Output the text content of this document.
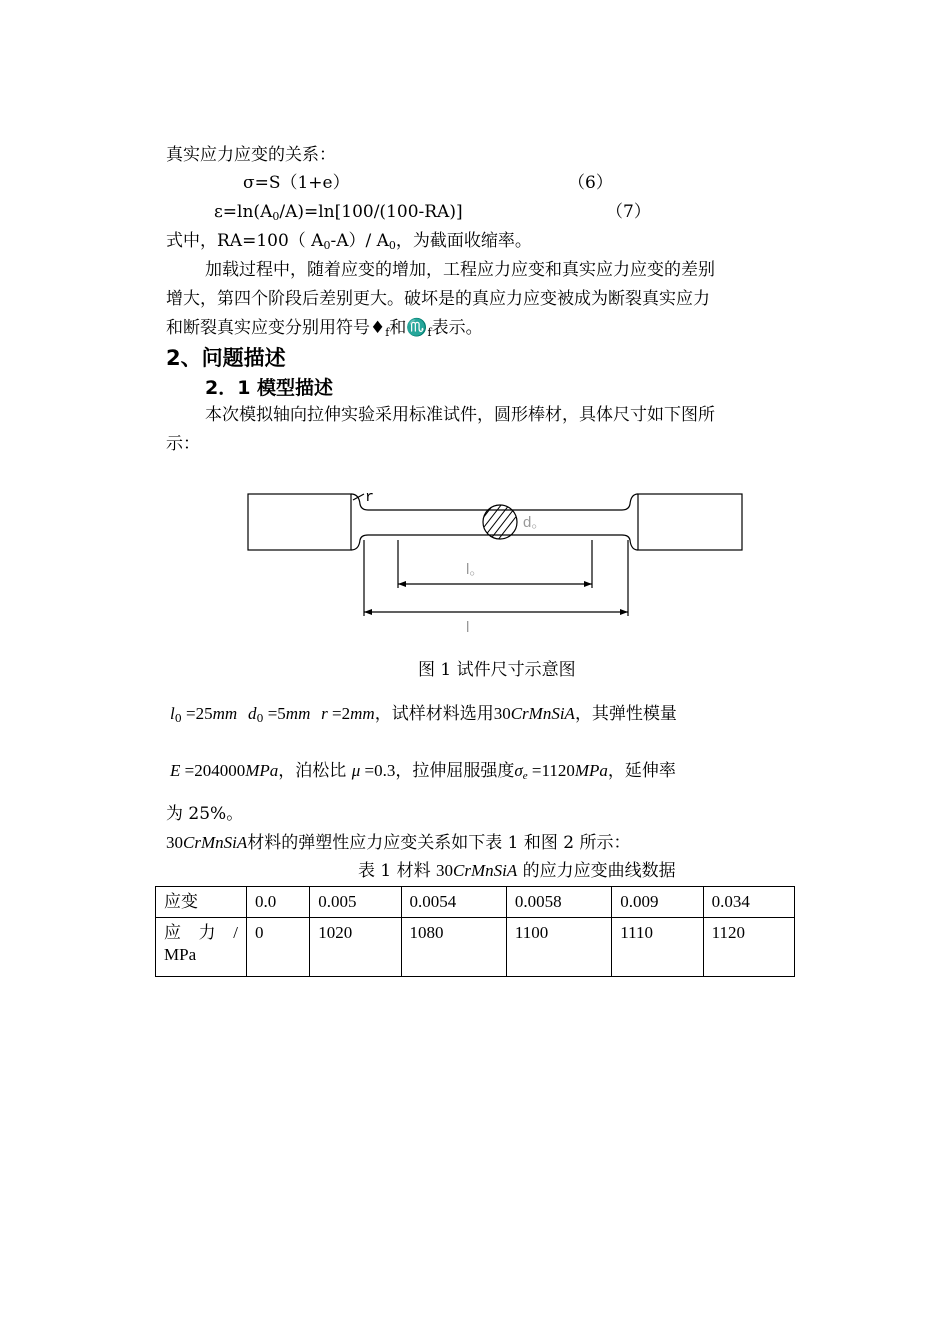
真实应力应变的关系：
σ=S（1+e）	（6）
$\varepsilon=\ln(A_0/A)=\ln[100/(100-RA)]$	（7）
式中，RA=100（ $A_0-A)/$ $A_0$，为截面收缩率。
加载过程中，随着应变的增加，工程应力应变和真实应力应变的差别
增大，第四个阶段后差别更大。破坏是的真应力应变被成为断裂真实应力
和断裂真实应变分别用符号$♦_f$和$♏_f$表示。
2、问题描述
2．1 模型描述
本次模拟轴向拉伸实验采用标准试件，圆形棒材，具体尺寸如下图所
示：
r
d。
l。
l
图 1 试件尺寸示意图
$l_0 =25mm$ $d_0 =5mm$ r =2mm，试样材料选用30CrMnSiA，其弹性模量
E =204000MPa，泊松比 μ =0.3，拉伸屈服强度$\sigma_e =1120MPa$，延伸率
为 25%。
30CrMnSiA材料的弹塑性应力应变关系如下表 1 和图 2 所示：
表 1 材料 30CrMnSiA 的应力应变曲线数据
应变	0.0	0.005	0.0054	0.0058	0.009	0.034
应 力 / MPa	0	1020	1080	1100	1110	1120
